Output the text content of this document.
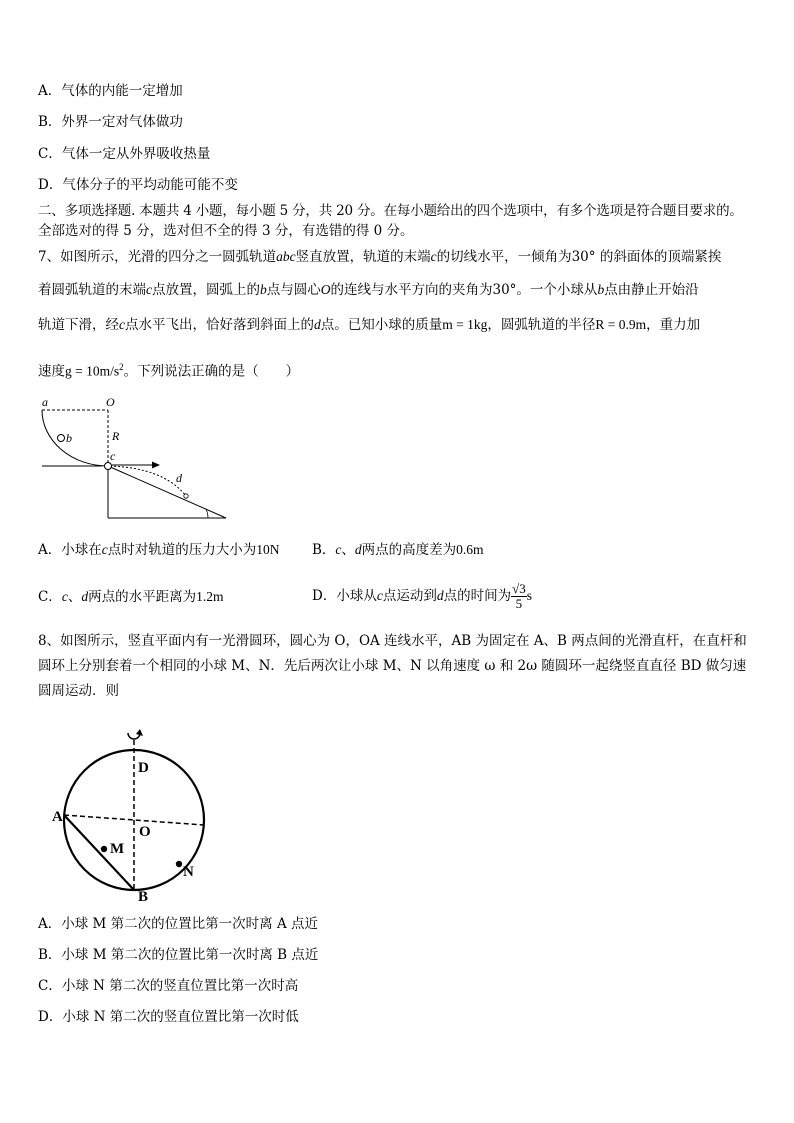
A．气体的内能一定增加
B．外界一定对气体做功
C．气体一定从外界吸收热量
D．气体分子的平均动能可能不变
二、多项选择题. 本题共 4 小题，每小题 5 分，共 20 分。在每小题给出的四个选项中，有多个选项是符合题目要求的。
全部选对的得 5 分，选对但不全的得 3 分，有选错的得 0 分。
7、如图所示，光滑的四分之一圆弧轨道abc竖直放置，轨道的末端c的切线水平，一倾角为30° 的斜面体的顶端紧挨
着圆弧轨道的末端c点放置，圆弧上的b点与圆心O的连线与水平方向的夹角为30°。一个小球从b点由静止开始沿
轨道下滑，经c点水平飞出，恰好落到斜面上的d点。已知小球的质量m = 1kg，圆弧轨道的半径R = 0.9m，重力加
速度$g = 10m/s^2$。下列说法正确的是（　　）
a	O
b	R
c
d
A．小球在c点时对轨道的压力大小为10N B．c、d两点的高度差为0.6m
C．c、d两点的水平距离为1.2m	D．小球从c点运动到d点的时间为 $\frac{√3}{5}$ s
8、如图所示，竖直平面内有一光滑圆环，圆心为 O，OA 连线水平，AB 为固定在 A、B 两点间的光滑直杆，在直杆和圆环上分别套着一个相同的小球 M、N．先后两次让小球 M、N 以角速度 ω 和 2ω 随圆环一起绕竖直直径 BD 做匀速圆周运动．则
A
D
O
M
N
B
A．小球 M 第二次的位置比第一次时离 A 点近
B．小球 M 第二次的位置比第一次时离 B 点近
C．小球 N 第二次的竖直位置比第一次时高
D．小球 N 第二次的竖直位置比第一次时低
